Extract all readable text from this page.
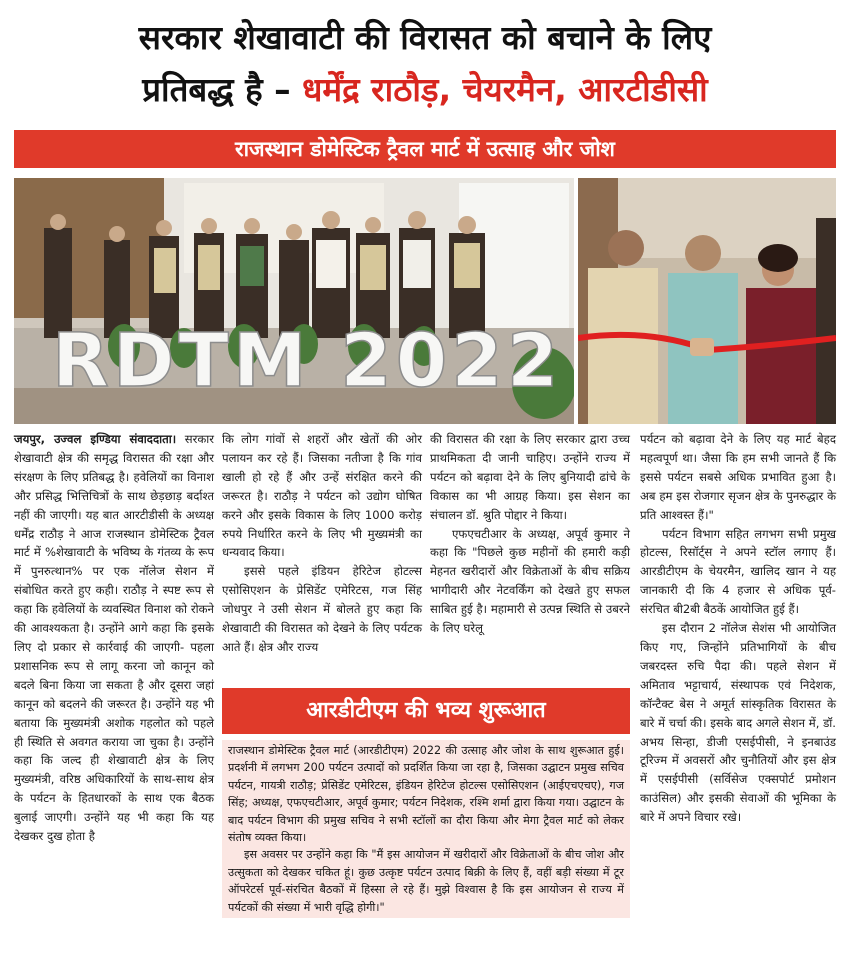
सरकार शेखावाटी की विरासत को बचाने के लिए
प्रतिबद्ध है – धर्मेंद्र राठौड़, चेयरमैन, आरटीडीसी
राजस्थान डोमेस्टिक ट्रैवल मार्ट में उत्साह और जोश
RDTM 2022

जयपुर, उज्वल इण्डिया संवाददाता। सरकार शेखावाटी क्षेत्र की समृद्ध विरासत की रक्षा और संरक्षण के लिए प्रतिबद्ध है। हवेलियों का विनाश और प्रसिद्ध भित्तिचित्रों के साथ छेड़छाड़ बर्दाश्त नहीं की जाएगी। यह बात आरटीडीसी के अध्यक्ष धर्मेंद्र राठौड़ ने आज राजस्थान डोमेस्टिक ट्रैवल मार्ट में %शेखावाटी के भविष्य के गंतव्य के रूप में पुनरुत्थान% पर एक नॉलेज सेशन में संबोधित करते हुए कही। राठौड़ ने स्पष्ट रूप से कहा कि हवेलियों के व्यवस्थित विनाश को रोकने की आवश्यकता है। उन्होंने आगे कहा कि इसके लिए दो प्रकार से कार्रवाई की जाएगी- पहला प्रशासनिक रूप से लागू करना जो कानून को बदले बिना किया जा सकता है और दूसरा जहां कानून को बदलने की जरूरत है। उन्होंने यह भी बताया कि मुख्यमंत्री अशोक गहलोत को पहले ही स्थिति से अवगत कराया जा चुका है। उन्होंने कहा कि जल्द ही शेखावाटी क्षेत्र के लिए मुख्यमंत्री, वरिष्ठ अधिकारियों के साथ-साथ क्षेत्र के पर्यटन के हितधारकों के साथ एक बैठक बुलाई जाएगी। उन्होंने यह भी कहा कि यह देखकर दुख होता है

कि लोग गांवों से शहरों और खेतों की ओर पलायन कर रहे हैं। जिसका नतीजा है कि गांव खाली हो रहे हैं और उन्हें संरक्षित करने की जरूरत है। राठौड़ ने पर्यटन को उद्योग घोषित करने और इसके विकास के लिए 1000 करोड़ रुपये निर्धारित करने के लिए भी मुख्यमंत्री का धन्यवाद किया।

इससे पहले इंडियन हेरिटेज होटल्स एसोसिएशन के प्रेसिडेंट एमेरिटस, गज सिंह जोधपुर ने उसी सेशन में बोलते हुए कहा कि शेखावाटी की विरासत को देखने के लिए पर्यटक आते हैं। क्षेत्र और राज्य

की विरासत की रक्षा के लिए सरकार द्वारा उच्च प्राथमिकता दी जानी चाहिए। उन्होंने राज्य में पर्यटन को बढ़ावा देने के लिए बुनियादी ढांचे के विकास का भी आग्रह किया। इस सेशन का संचालन डॉ. श्रुति पोद्दार ने किया।

एफएचटीआर के अध्यक्ष, अपूर्व कुमार ने कहा कि "पिछले कुछ महीनों की हमारी कड़ी मेहनत खरीदारों और विक्रेताओं के बीच सक्रिय भागीदारी और नेटवर्किंग को देखते हुए सफल साबित हुई है। महामारी से उत्पन्न स्थिति से उबरने के लिए घरेलू

पर्यटन को बढ़ावा देने के लिए यह मार्ट बेहद महत्वपूर्ण था। जैसा कि हम सभी जानते हैं कि इससे पर्यटन सबसे अधिक प्रभावित हुआ है। अब हम इस रोजगार सृजन क्षेत्र के पुनरुद्धार के प्रति आश्वस्त हैं।"

पर्यटन विभाग सहित लगभग सभी प्रमुख होटल्स, रिसॉर्ट्स ने अपने स्टॉल लगाए हैं। आरडीटीएम के चेयरमैन, खालिद खान ने यह जानकारी दी कि 4 हजार से अधिक पूर्व-संरचित बी2बी बैठकें आयोजित हुई हैं।

इस दौरान 2 नॉलेज सेशंस भी आयोजित किए गए, जिन्होंने प्रतिभागियों के बीच जबरदस्त रुचि पैदा की। पहले सेशन में अमिताव भट्टाचार्य, संस्थापक एवं निदेशक, कॉन्टैक्ट बेस ने अमूर्त सांस्कृतिक विरासत के बारे में चर्चा की। इसके बाद अगले सेशन में, डॉ. अभय सिन्हा, डीजी एसईपीसी, ने इनबाउंड टूरिज्म में अवसरों और चुनौतियों और इस क्षेत्र में एसईपीसी (सर्विसेज एक्सपोर्ट प्रमोशन काउंसिल) और इसकी सेवाओं की भूमिका के बारे में अपने विचार रखे।

आरडीटीएम की भव्य शुरूआत

राजस्थान डोमेस्टिक ट्रैवल मार्ट (आरडीटीएम) 2022 की उत्साह और जोश के साथ शुरूआत हुई। प्रदर्शनी में लगभग 200 पर्यटन उत्पादों को प्रदर्शित किया जा रहा है, जिसका उद्घाटन प्रमुख सचिव पर्यटन, गायत्री राठौड़; प्रेसिडेंट एमेरिटस, इंडियन हेरिटेज होटल्स एसोसिएशन (आईएचएचए), गज सिंह; अध्यक्ष, एफएचटीआर, अपूर्व कुमार; पर्यटन निदेशक, रश्मि शर्मा द्वारा किया गया। उद्घाटन के बाद पर्यटन विभाग की प्रमुख सचिव ने सभी स्टॉलों का दौरा किया और मेगा ट्रैवल मार्ट को लेकर संतोष व्यक्त किया।

इस अवसर पर उन्होंने कहा कि "मैं इस आयोजन में खरीदारों और विक्रेताओं के बीच जोश और उत्सुकता को देखकर चकित हूं। कुछ उत्कृष्ट पर्यटन उत्पाद बिक्री के लिए हैं, वहीं बड़ी संख्या में टूर ऑपरेटर्स पूर्व-संरचित बैठकों में हिस्सा ले रहे हैं। मुझे विश्वास है कि इस आयोजन से राज्य में पर्यटकों की संख्या में भारी वृद्धि होगी।"
